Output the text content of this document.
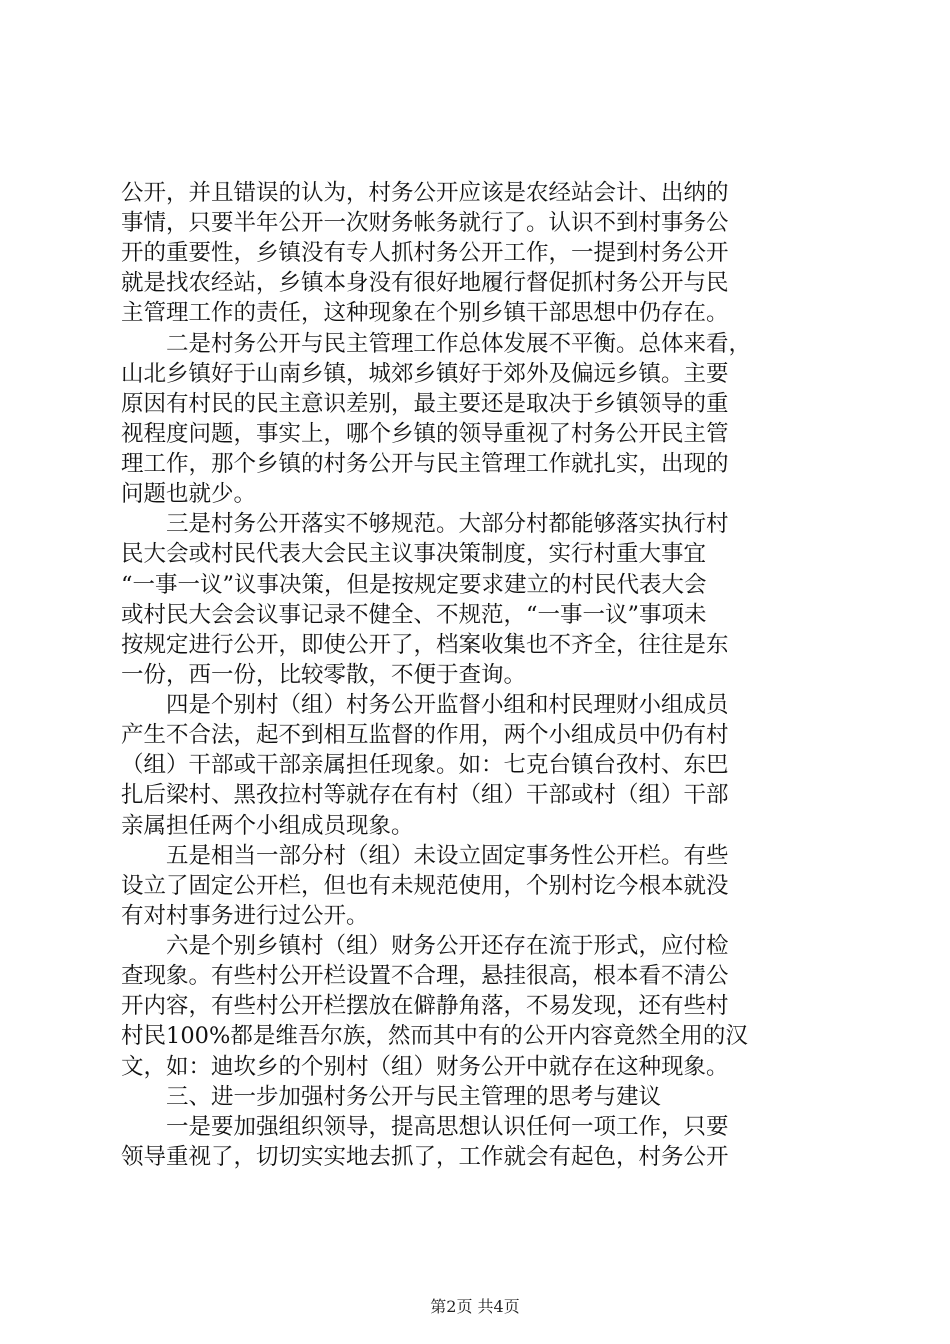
公开，并且错误的认为，村务公开应该是农经站会计、出纳的
事情，只要半年公开一次财务帐务就行了。认识不到村事务公
开的重要性，乡镇没有专人抓村务公开工作，一提到村务公开
就是找农经站，乡镇本身没有很好地履行督促抓村务公开与民
主管理工作的责任，这种现象在个别乡镇干部思想中仍存在。
　　二是村务公开与民主管理工作总体发展不平衡。总体来看，
山北乡镇好于山南乡镇，城郊乡镇好于郊外及偏远乡镇。主要
原因有村民的民主意识差别，最主要还是取决于乡镇领导的重
视程度问题，事实上，哪个乡镇的领导重视了村务公开民主管
理工作，那个乡镇的村务公开与民主管理工作就扎实，出现的
问题也就少。
　　三是村务公开落实不够规范。大部分村都能够落实执行村
民大会或村民代表大会民主议事决策制度，实行村重大事宜
“一事一议”议事决策，但是按规定要求建立的村民代表大会
或村民大会会议事记录不健全、不规范，“一事一议”事项未
按规定进行公开，即使公开了，档案收集也不齐全，往往是东
一份，西一份，比较零散，不便于查询。
　　四是个别村（组）村务公开监督小组和村民理财小组成员
产生不合法，起不到相互监督的作用，两个小组成员中仍有村
（组）干部或干部亲属担任现象。如：七克台镇台孜村、东巴
扎后梁村、黑孜拉村等就存在有村（组）干部或村（组）干部
亲属担任两个小组成员现象。
　　五是相当一部分村（组）未设立固定事务性公开栏。有些
设立了固定公开栏，但也有未规范使用，个别村讫今根本就没
有对村事务进行过公开。
　　六是个别乡镇村（组）财务公开还存在流于形式，应付检
查现象。有些村公开栏设置不合理，悬挂很高，根本看不清公
开内容，有些村公开栏摆放在僻静角落，不易发现，还有些村
村民100%都是维吾尔族，然而其中有的公开内容竟然全用的汉
文，如：迪坎乡的个别村（组）财务公开中就存在这种现象。
　　三、进一步加强村务公开与民主管理的思考与建议
　　一是要加强组织领导，提高思想认识任何一项工作，只要
领导重视了，切切实实地去抓了，工作就会有起色，村务公开
第2页 共4页
